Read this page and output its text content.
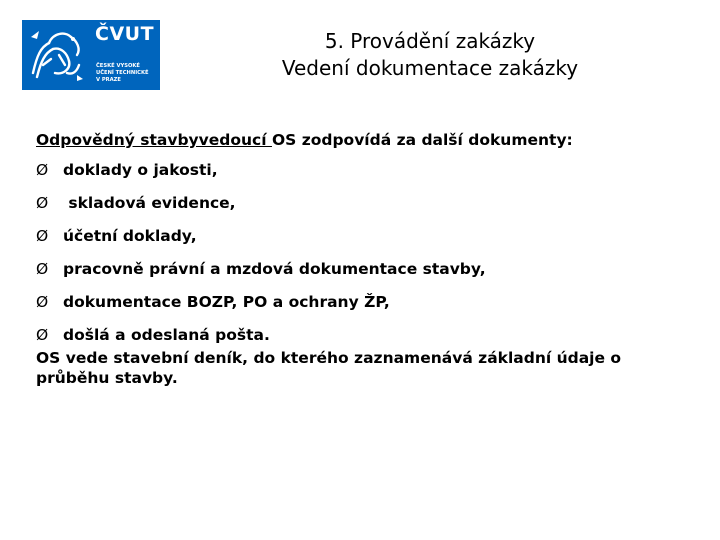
ČVUT
ČESKÉ VYSOKÉ
UČENÍ TECHNICKÉ
V PRAZE
5. Provádění zakázky
Vedení dokumentace zakázky

Odpovědný stavbyvedoucí OS zodpovídá za další dokumenty:

Ø doklady o jakosti,
Ø skladová evidence,
Ø účetní doklady,
Ø pracovně právní a mzdová dokumentace stavby,
Ø dokumentace BOZP, PO a ochrany ŽP,
Ø došlá a odeslaná pošta.

OS vede stavební deník, do kterého zaznamenává základní údaje o průběhu stavby.
